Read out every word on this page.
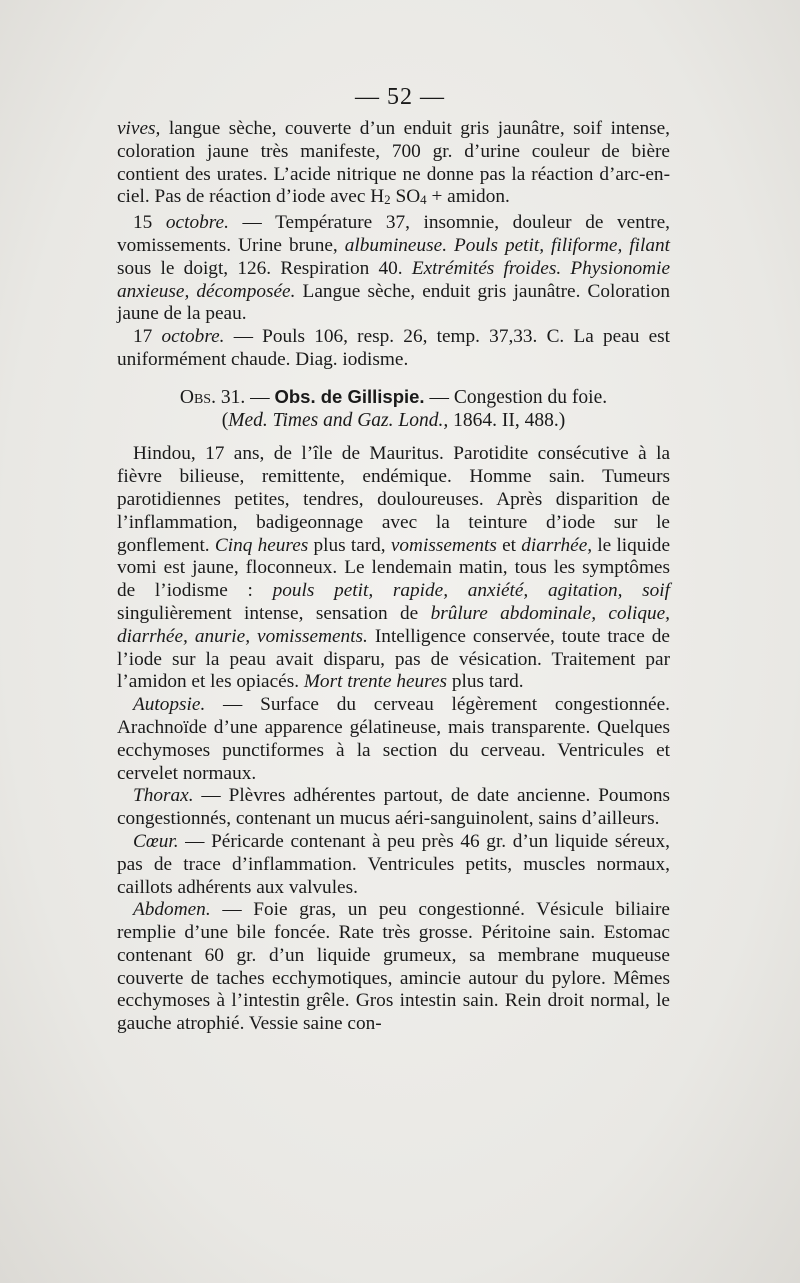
— 52 —

vives, langue sèche, couverte d’un enduit gris jaunâtre, soif intense, coloration jaune très manifeste, 700 gr. d’urine couleur de bière contient des urates. L’acide nitrique ne donne pas la réaction d’arc-en-ciel. Pas de réaction d’iode avec H2 SO4 + amidon.

15 octobre. — Température 37, insomnie, douleur de ventre, vomissements. Urine brune, albumineuse. Pouls petit, filiforme, filant sous le doigt, 126. Respiration 40. Extrémités froides. Physionomie anxieuse, décomposée. Langue sèche, enduit gris jaunâtre. Coloration jaune de la peau.

17 octobre. — Pouls 106, resp. 26, temp. 37,33. C. La peau est uniformément chaude. Diag. iodisme.

Obs. 31. — Obs. de Gillispie. — Congestion du foie.

(Med. Times and Gaz. Lond., 1864. II, 488.)

Hindou, 17 ans, de l’île de Mauritus. Parotidite consécutive à la fièvre bilieuse, remittente, endémique. Homme sain. Tumeurs parotidiennes petites, tendres, douloureuses. Après disparition de l’inflammation, badigeonnage avec la teinture d’iode sur le gonflement. Cinq heures plus tard, vomissements et diarrhée, le liquide vomi est jaune, floconneux. Le lendemain matin, tous les symptômes de l’iodisme : pouls petit, rapide, anxiété, agitation, soif singulièrement intense, sensation de brûlure abdominale, colique, diarrhée, anurie, vomissements. Intelligence conservée, toute trace de l’iode sur la peau avait disparu, pas de vésication. Traitement par l’amidon et les opiacés. Mort trente heures plus tard.

Autopsie. — Surface du cerveau légèrement congestionnée. Arachnoïde d’une apparence gélatineuse, mais transparente. Quelques ecchymoses punctiformes à la section du cerveau. Ventricules et cervelet normaux.

Thorax. — Plèvres adhérentes partout, de date ancienne. Poumons congestionnés, contenant un mucus aéri-sanguinolent, sains d’ailleurs.

Cœur. — Péricarde contenant à peu près 46 gr. d’un liquide séreux, pas de trace d’inflammation. Ventricules petits, muscles normaux, caillots adhérents aux valvules.

Abdomen. — Foie gras, un peu congestionné. Vésicule biliaire remplie d’une bile foncée. Rate très grosse. Péritoine sain. Estomac contenant 60 gr. d’un liquide grumeux, sa membrane muqueuse couverte de taches ecchymotiques, amincie autour du pylore. Mêmes ecchymoses à l’intestin grêle. Gros intestin sain. Rein droit normal, le gauche atrophié. Vessie saine con-
